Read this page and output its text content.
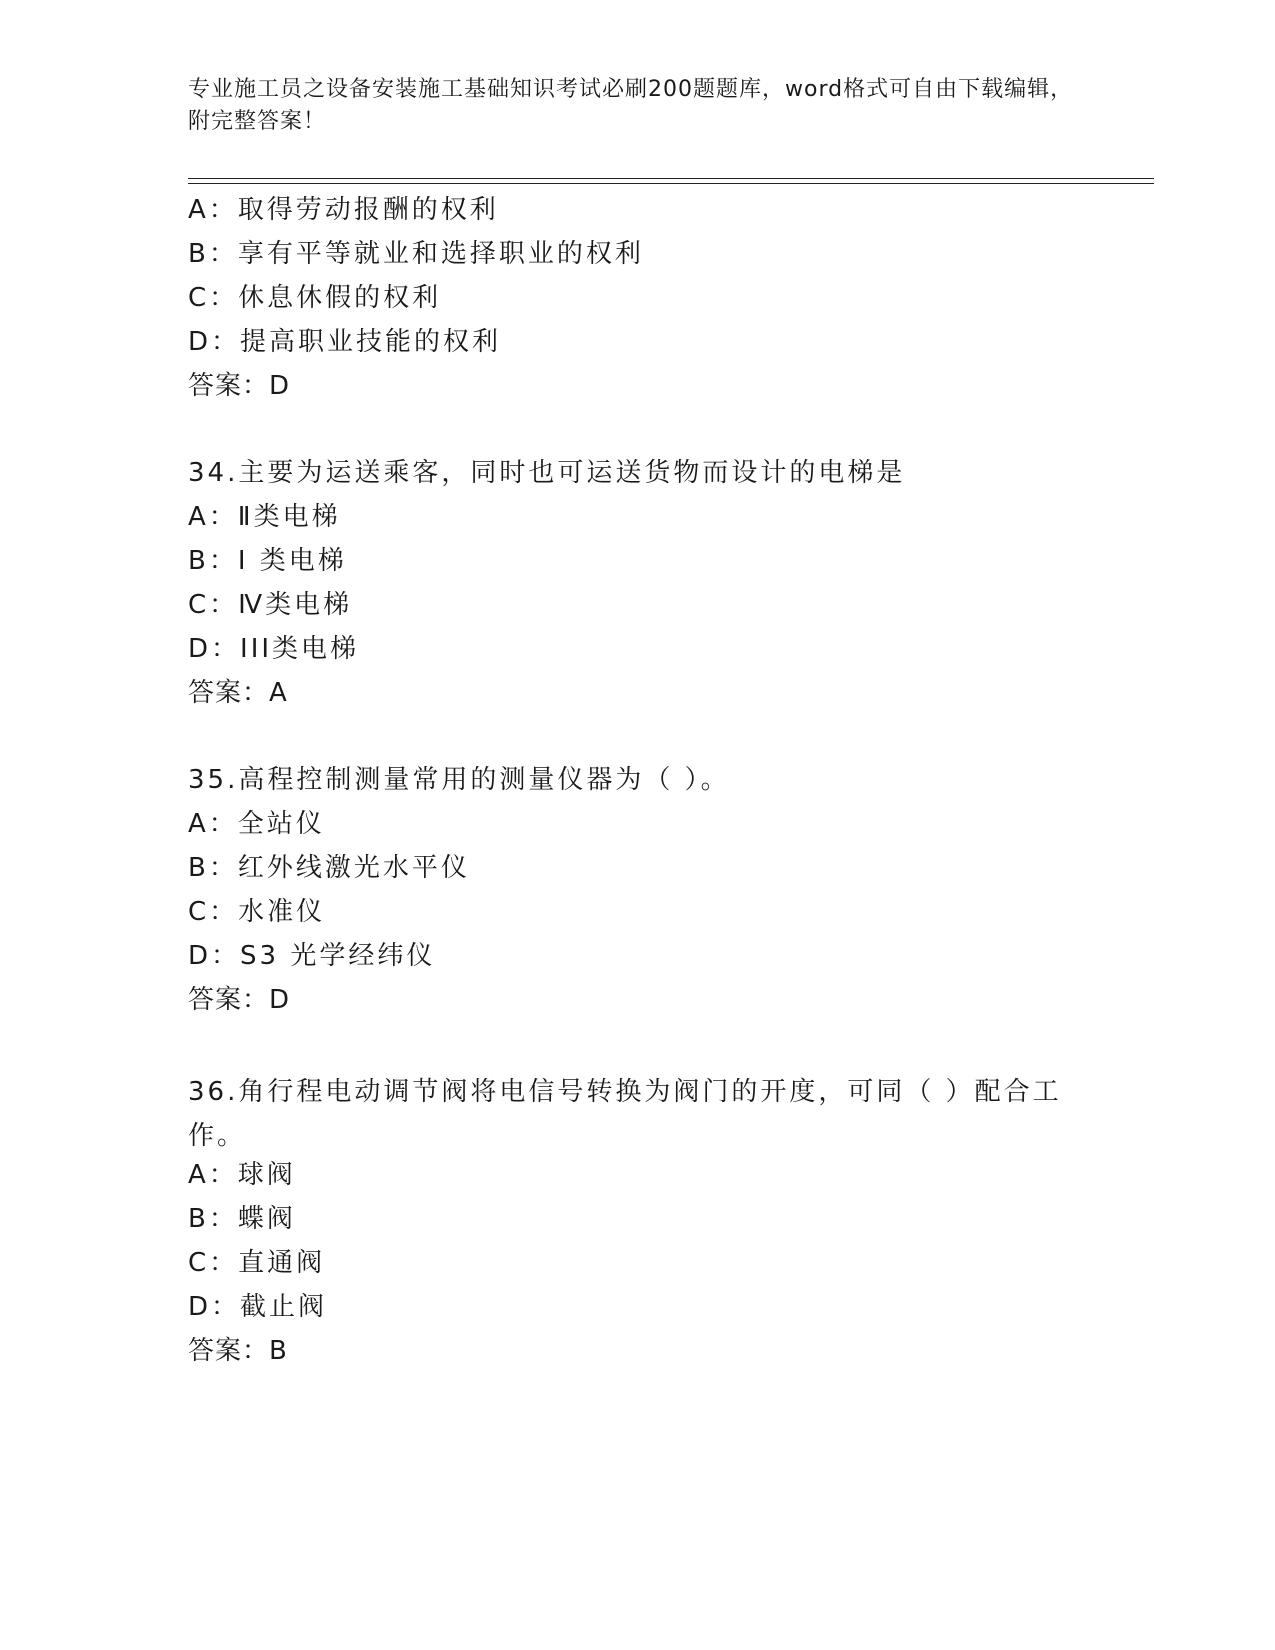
专业施工员之设备安装施工基础知识考试必刷200题题库，word格式可自由下载编辑，附完整答案！
A：取得劳动报酬的权利
B：享有平等就业和选择职业的权利
C：休息休假的权利
D：提高职业技能的权利
答案：D
34.主要为运送乘客，同时也可运送货物而设计的电梯是
A：Ⅱ类电梯
B：I 类电梯
C：Ⅳ类电梯
D：III类电梯
答案：A
35.高程控制测量常用的测量仪器为（ ）。
A：全站仪
B：红外线激光水平仪
C：水准仪
D：S3 光学经纬仪
答案：D
36.角行程电动调节阀将电信号转换为阀门的开度，可同（ ）配合工作。
A：球阀
B：蝶阀
C：直通阀
D：截止阀
答案：B
